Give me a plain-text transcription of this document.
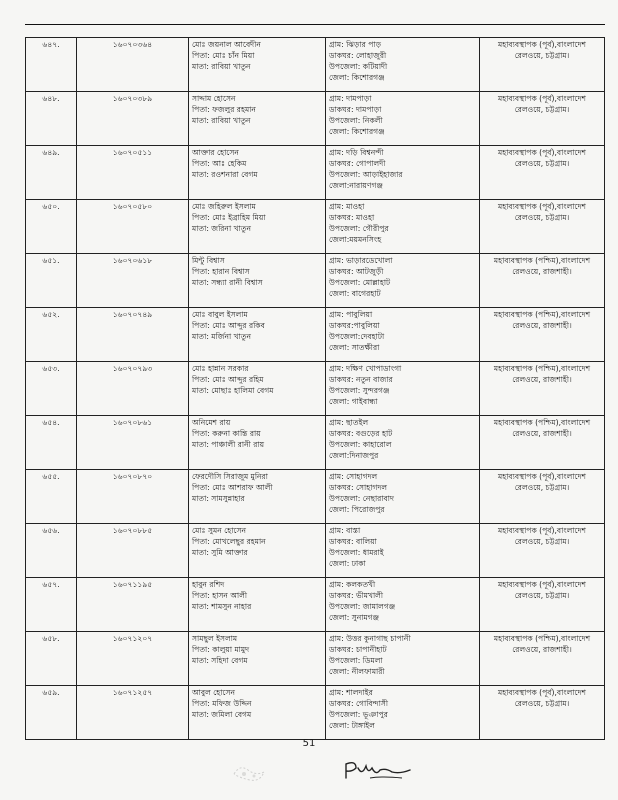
৬৪৭.	১৬০৭০৩৬৪	মোঃ জয়নাল আবেদীন
পিতা: মোঃ চাঁন মিয়া
মাতা: রাবিয়া খাতুন	গ্রাম: ঝিড়ার পাড়
ডাকঘর: লোহাজুরী
উপজেলা: কটিয়াদী
জেলা: কিশোরগঞ্জ	মহাব্যবস্থাপক (পূর্ব),বাংলাদেশ
রেলওয়ে, চট্টগ্রাম।

৬৪৮.	১৬০৭০৩৮৯	সাদ্দাম হোসেন
পিতা: ফজলুর রহমান
মাতা: রাবিয়া খাতুন	গ্রাম: দামপাড়া
ডাকঘর: দামপাড়া
উপজেলা: নিকলী
জেলা: কিশোরগঞ্জ	মহাব্যবস্থাপক (পূর্ব),বাংলাদেশ
রেলওয়ে, চট্টগ্রাম।

৬৪৯.	১৬০৭০৫১১	আক্তার হোসেন
পিতা: আঃ হেকিম
মাতা: রওশনারা বেগম	গ্রাম: দড়ি বিশ্বনন্দী
ডাকঘর: গোপালদী
উপজেলা: আড়াইহাজার
জেলা:নারায়ণগঞ্জ	মহাব্যবস্থাপক (পূর্ব),বাংলাদেশ
রেলওয়ে, চট্টগ্রাম।

৬৫০.	১৬০৭০৫৮০	মোঃ জহিরুল ইসলাম
পিতা: মোঃ ইব্রাহিম মিয়া
মাতা: জরিনা খাতুন	গ্রাম: মাওহা
ডাকঘর: মাওহা
উপজেলা: গৌরীপুর
জেলা:ময়মনসিংহ	মহাব্যবস্থাপক (পূর্ব),বাংলাদেশ
রেলওয়ে, চট্টগ্রাম।

৬৫১.	১৬০৭০৬১৮	মিন্টু বিশ্বাস
পিতা: হারান বিশ্বাস
মাতা: সন্ধ্যা রানী বিশ্বাস	গ্রাম: ভাড়ারডেখোলা
ডাকঘর: আটজুড়ী
উপজেলা: মোল্লাহাট
জেলা: বাগেরহাট	মহাব্যবস্থাপক (পশ্চিম),বাংলাদেশ
রেলওয়ে, রাজশাহী।

৬৫২.	১৬০৭০৭৪৯	মোঃ বাবুল ইসলাম
পিতা: মোঃ আব্দুর রকিব
মাতা: মর্জিনা খাতুন	গ্রাম: পাবুলিয়া
ডাকঘর:পাবুলিয়া
উপজেলা:দেবহাটা
জেলা: সাতক্ষীরা	মহাব্যবস্থাপক (পশ্চিম),বাংলাদেশ
রেলওয়ে, রাজশাহী।

৬৫৩.	১৬০৭০৭৯৩	মোঃ হান্নান সরকার
পিতা: মোঃ আব্দুর রহিম
মাতা: মোছাঃ হালিমা বেগম	গ্রাম: দক্ষিণ খোপাডাংগা
ডাকঘর: নতুন বাজার
উপজেলা: সুন্দরগঞ্জ
জেলা: গাইবান্ধা	মহাব্যবস্থাপক (পশ্চিম),বাংলাদেশ
রেলওয়ে, রাজশাহী।

৬৫৪.	১৬০৭০৮৬১	অনিমেশ রায়
পিতা: করুনা কান্তি রায়
মাতা: পাঞ্চালী রানী রায়	গ্রাম: ছাতইল
ডাকঘর: বগুড়ের হাট
উপজেলা: কাহারোল
জেলা:দিনাজপুর	মহাব্যবস্থাপক (পশ্চিম),বাংলাদেশ
রেলওয়ে, রাজশাহী।

৬৫৫.	১৬০৭০৮৭০	ফেরদৌসি সিরাজুম মুনিরা
পিতা: মোঃ আশরাফ আলী
মাতা: সামসুন্নাহার	গ্রাম: সোহাগদল
ডাকঘর: সোহাগদল
উপজেলা: নেছারাবাদ
জেলা: পিরোজপুর	মহাব্যবস্থাপক (পূর্ব),বাংলাদেশ
রেলওয়ে, চট্টগ্রাম।

৬৫৬.	১৬০৭০৮৮৫	মোঃ সুমন হোসেন
পিতা: মোখলেছুর রহমান
মাতা: সুমি আক্তার	গ্রাম: বাস্তা
ডাকঘর: বালিয়া
উপজেলা: ধামরাই
জেলা: ঢাকা	মহাব্যবস্থাপক (পূর্ব),বাংলাদেশ
রেলওয়ে, চট্টগ্রাম।

৬৫৭.	১৬০৭১১৯৫	হাবুন রশিদ
পিতা: হাসন আলী
মাতা: শামসুন নাহার	গ্রাম: কলকতখী
ডাকঘর: ভীমখালী
উপজেলা: জামালগঞ্জ
জেলা: সুনামগঞ্জ	মহাব্যবস্থাপক (পূর্ব),বাংলাদেশ
রেলওয়ে, চট্টগ্রাম।

৬৫৮.	১৬০৭১২০৭	সামছুল ইসলাম
পিতা: কালুয়া মামুদ
মাতা: সহিদা বেগম	গ্রাম: উত্তর কুনাগাছ চাপানী
ডাকঘর: চাপানীহাট
উপজেলা: ডিমলা
জেলা: নীলফামারী	মহাব্যবস্থাপক (পশ্চিম),বাংলাদেশ
রেলওয়ে, রাজশাহী।

৬৫৯.	১৬০৭১২৫৭	আবুল হোসেন
পিতা: মফিজ উদ্দিন
মাতা: জমিলা বেগম	গ্রাম: শালদাইর
ডাকঘর: গোবিন্দাসী
উপজেলা: ভূঞাপুর
জেলা: টাঙ্গাইল	মহাব্যবস্থাপক (পূর্ব),বাংলাদেশ
রেলওয়ে, চট্টগ্রাম।
51
